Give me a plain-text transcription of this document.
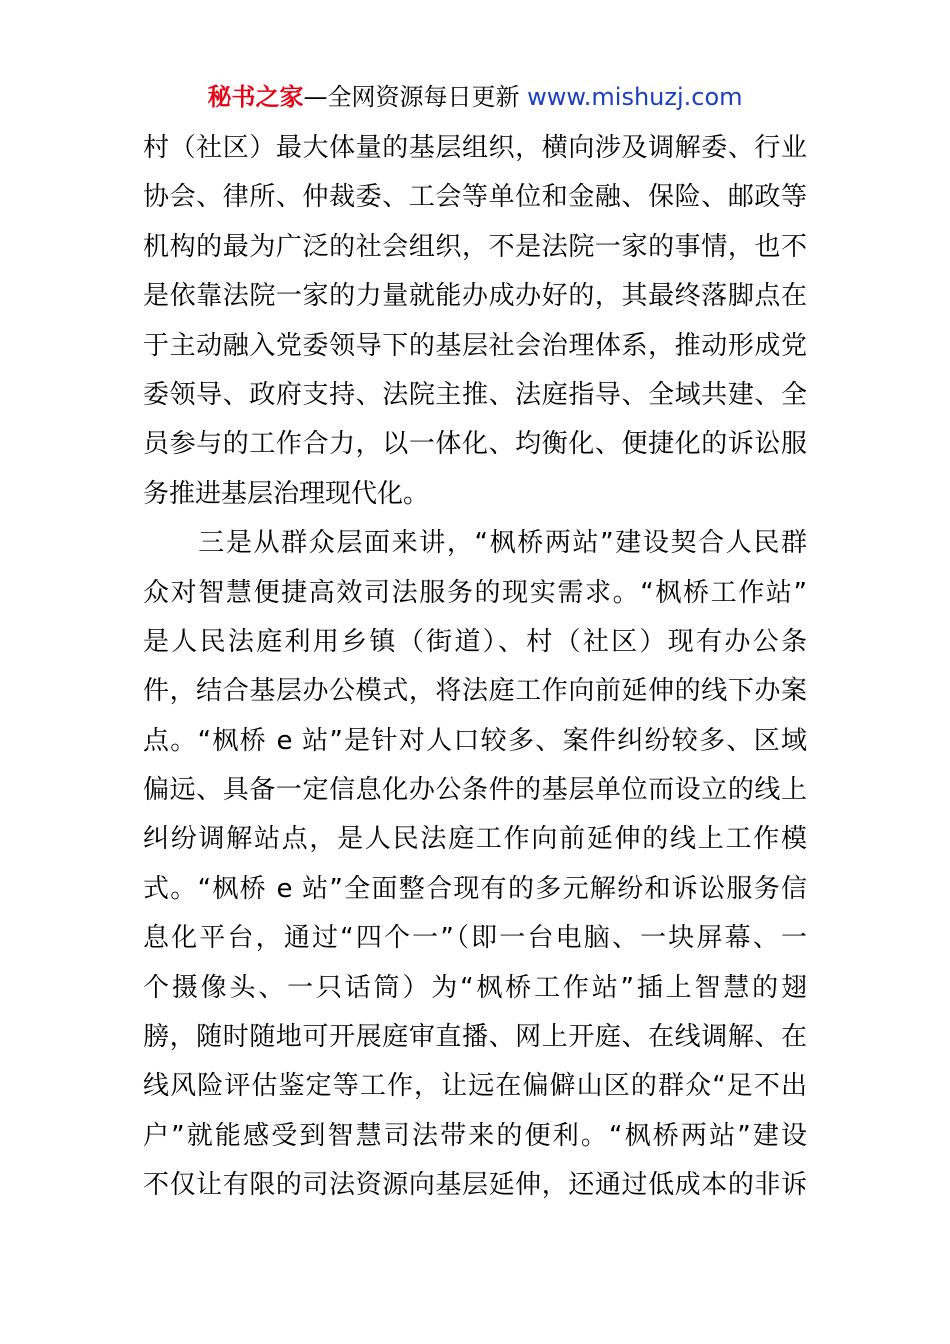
秘书之家—全网资源每日更新 www.mishuzj.com
村（社区）最大体量的基层组织，横向涉及调解委、行业
协会、律所、仲裁委、工会等单位和金融、保险、邮政等
机构的最为广泛的社会组织，不是法院一家的事情，也不
是依靠法院一家的力量就能办成办好的，其最终落脚点在
于主动融入党委领导下的基层社会治理体系，推动形成党
委领导、政府支持、法院主推、法庭指导、全域共建、全
员参与的工作合力，以一体化、均衡化、便捷化的诉讼服
务推进基层治理现代化。
　　三是从群众层面来讲，“枫桥两站”建设契合人民群
众对智慧便捷高效司法服务的现实需求。“枫桥工作站”
是人民法庭利用乡镇（街道）、村（社区）现有办公条
件，结合基层办公模式，将法庭工作向前延伸的线下办案
点。“枫桥 e 站”是针对人口较多、案件纠纷较多、区域
偏远、具备一定信息化办公条件的基层单位而设立的线上
纠纷调解站点，是人民法庭工作向前延伸的线上工作模
式。“枫桥 e 站”全面整合现有的多元解纷和诉讼服务信
息化平台，通过“四个一”（即一台电脑、一块屏幕、一
个摄像头、一只话筒）为“枫桥工作站”插上智慧的翅
膀，随时随地可开展庭审直播、网上开庭、在线调解、在
线风险评估鉴定等工作，让远在偏僻山区的群众“足不出
户”就能感受到智慧司法带来的便利。“枫桥两站”建设
不仅让有限的司法资源向基层延伸，还通过低成本的非诉
